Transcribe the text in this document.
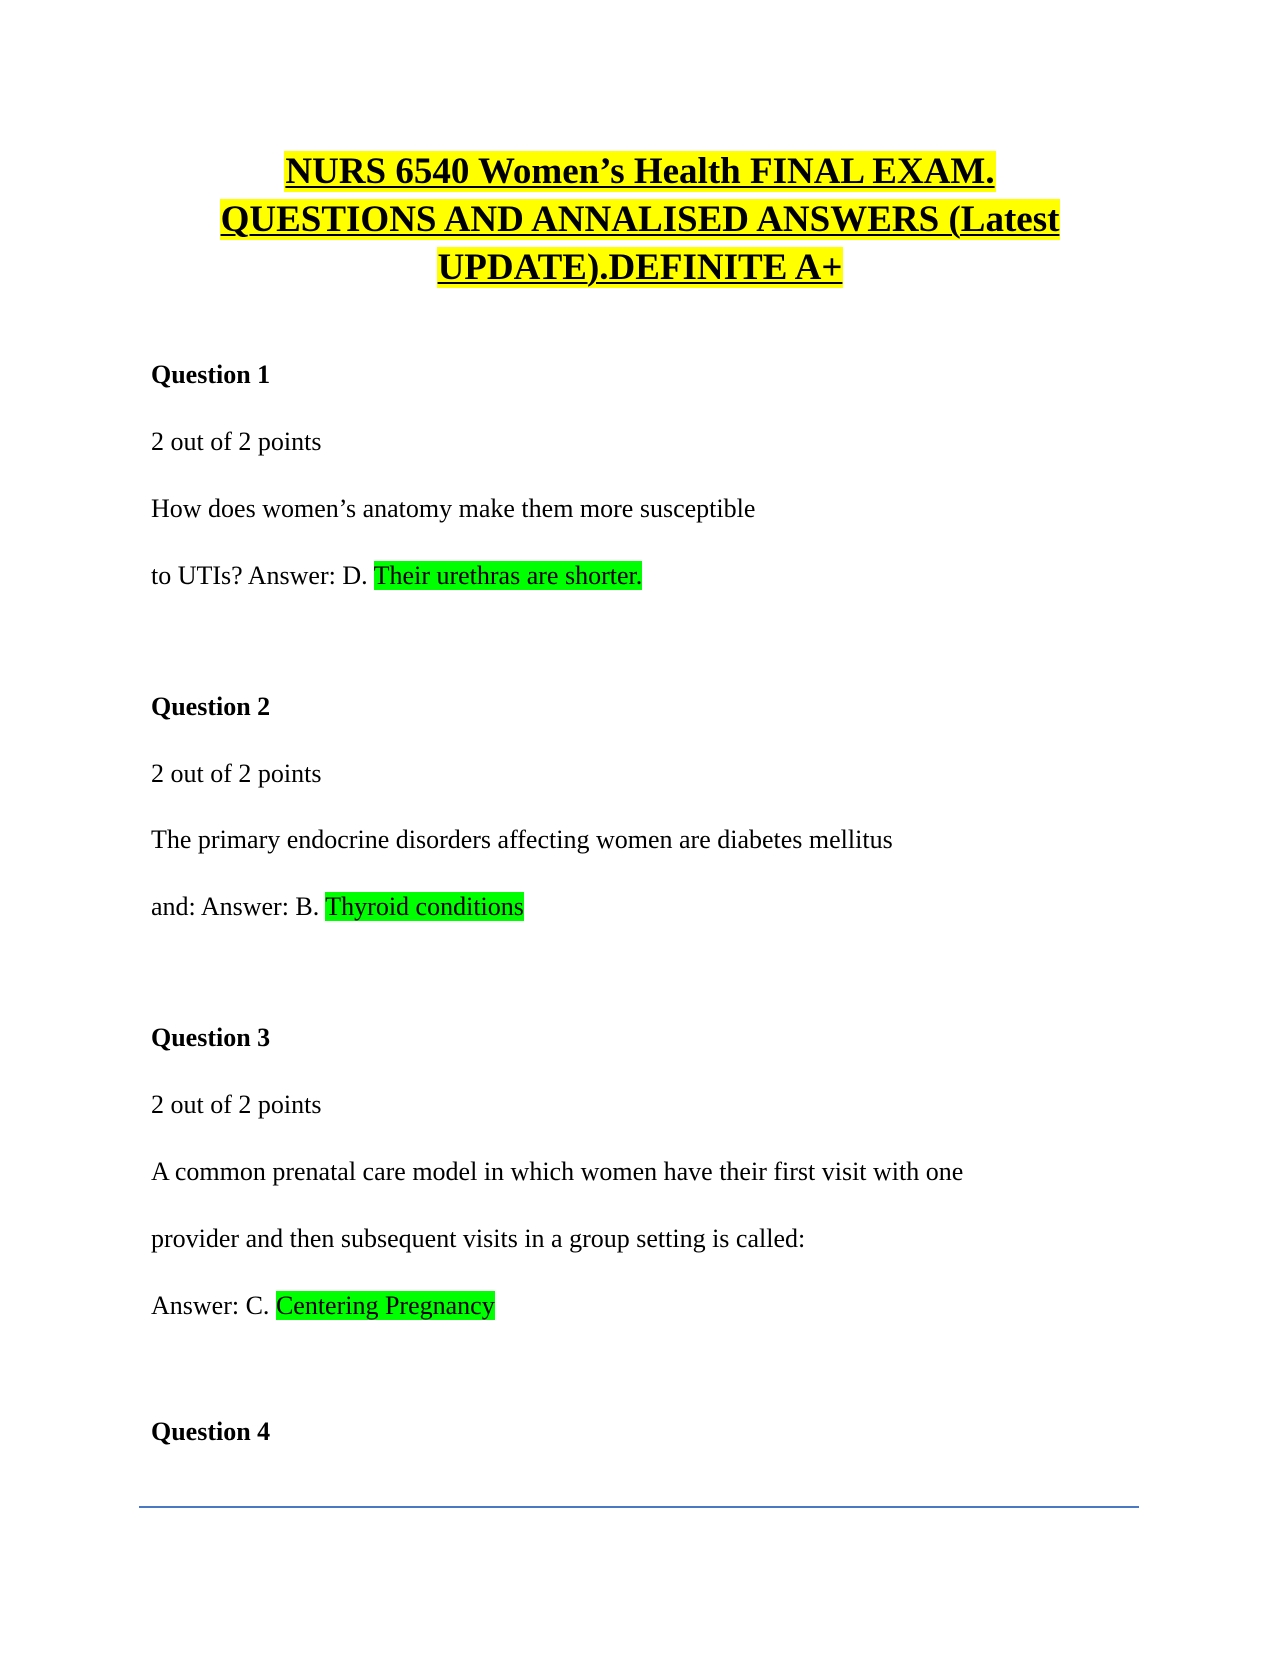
NURS 6540 Women’s Health FINAL EXAM.
QUESTIONS AND ANNALISED ANSWERS (Latest
UPDATE).DEFINITE A+
Question 1
2 out of 2 points
How does women’s anatomy make them more susceptible
to UTIs? Answer: D. Their urethras are shorter.
Question 2
2 out of 2 points
The primary endocrine disorders affecting women are diabetes mellitus
and: Answer: B. Thyroid conditions
Question 3
2 out of 2 points
A common prenatal care model in which women have their first visit with one
provider and then subsequent visits in a group setting is called:
Answer: C. Centering Pregnancy
Question 4
